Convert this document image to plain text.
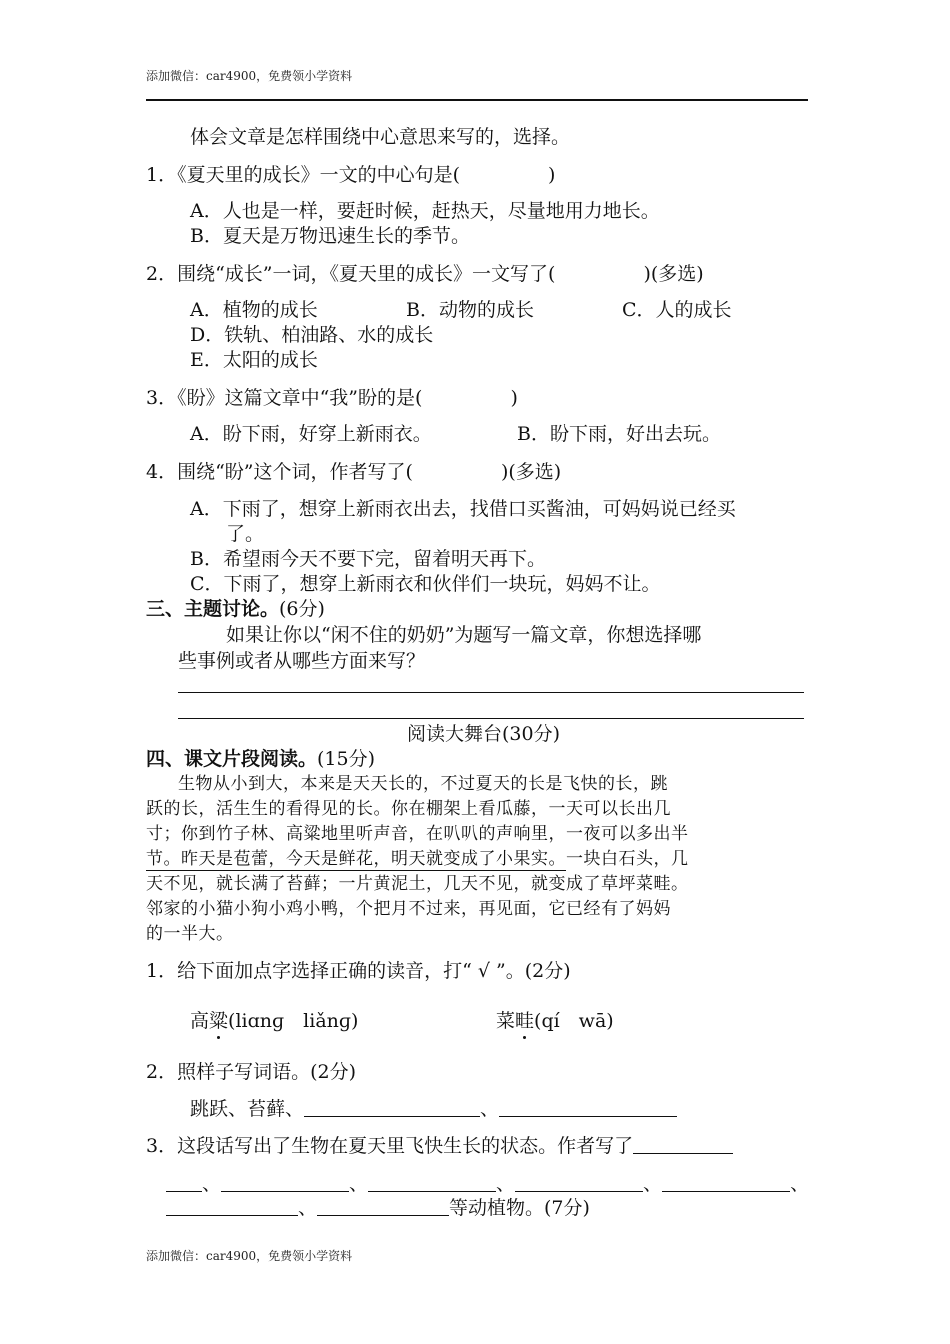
添加微信：car4900，免费领小学资料
体会文章是怎样围绕中心意思来写的，选择。
1．《夏天里的成长》一文的中心句是(	)
A．人也是一样，要赶时候，赶热天，尽量地用力地长。
B．夏天是万物迅速生长的季节。
2．围绕“成长”一词，《夏天里的成长》一文写了(	)(多选)
A．植物的成长	B．动物的成长	C．人的成长
D．铁轨、柏油路、水的成长
E．太阳的成长
3．《盼》这篇文章中“我”盼的是(	)
A．盼下雨，好穿上新雨衣。	B．盼下雨，好出去玩。
4．围绕“盼”这个词，作者写了(	)(多选)
A．下雨了，想穿上新雨衣出去，找借口买酱油，可妈妈说已经买
了。
B．希望雨今天不要下完，留着明天再下。
C．下雨了，想穿上新雨衣和伙伴们一块玩，妈妈不让。
三、主题讨论。(6分)
如果让你以“闲不住的奶奶”为题写一篇文章，你想选择哪
些事例或者从哪些方面来写？
阅读大舞台(30分)
四、课文片段阅读。(15分)
生物从小到大，本来是天天长的，不过夏天的长是飞快的长，跳
跃的长，活生生的看得见的长。你在棚架上看瓜藤，一天可以长出几
寸；你到竹子林、高粱地里听声音，在叭叭的声响里，一夜可以多出半
节。昨天是苞蕾，今天是鲜花，明天就变成了小果实。一块白石头，几
天不见，就长满了苔藓；一片黄泥土，几天不见，就变成了草坪菜畦。
邻家的小猫小狗小鸡小鸭，个把月不过来，再见面，它已经有了妈妈
的一半大。
1．给下面加点字选择正确的读音，打“ √ ”。(2分)
高粱(liɑnɡ　liǎnɡ)	菜畦(qí　wā)
2．照样子写词语。(2分)
跳跃、苔藓、	、
3．这段话写出了生物在夏天里飞快生长的状态。作者写了
、	、	、	、	、
、	等动植物。(7分)
添加微信：car4900，免费领小学资料
